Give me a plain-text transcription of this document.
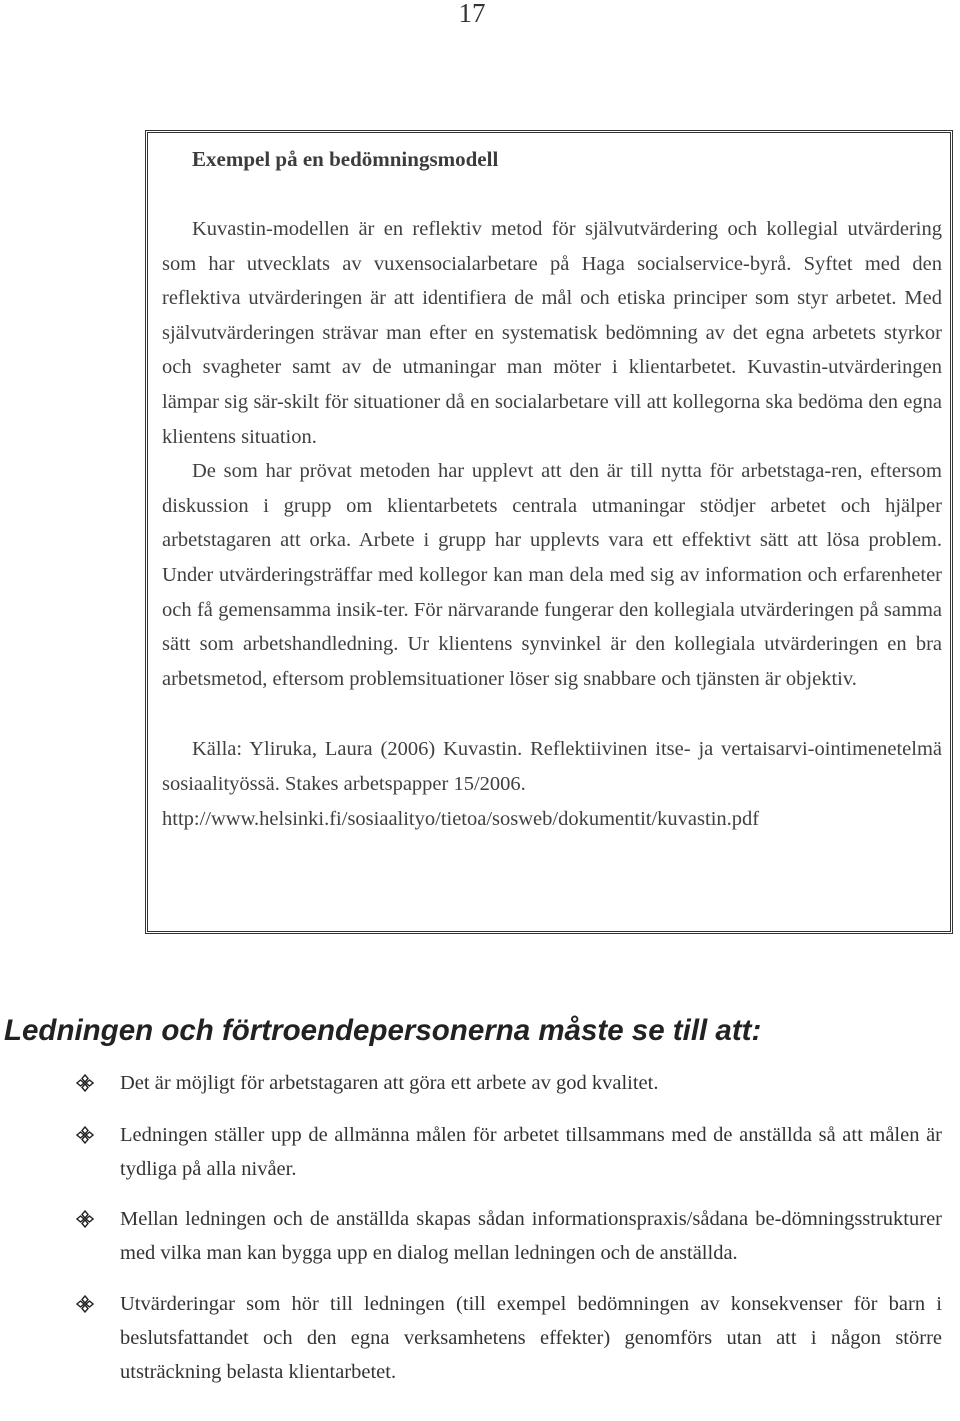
17
Exempel på en bedömningsmodell

Kuvastin-modellen är en reflektiv metod för självutvärdering och kollegial utvärdering som har utvecklats av vuxensocialarbetare på Haga socialservice-byrå. Syftet med den reflektiva utvärderingen är att identifiera de mål och etiska principer som styr arbetet. Med självutvärderingen strävar man efter en systematisk bedömning av det egna arbetets styrkor och svagheter samt av de utmaningar man möter i klientarbetet. Kuvastin-utvärderingen lämpar sig sär-skilt för situationer då en socialarbetare vill att kollegorna ska bedöma den egna klientens situation.

De som har prövat metoden har upplevt att den är till nytta för arbetstaga-ren, eftersom diskussion i grupp om klientarbetets centrala utmaningar stödjer arbetet och hjälper arbetstagaren att orka. Arbete i grupp har upplevts vara ett effektivt sätt att lösa problem. Under utvärderingsträffar med kollegor kan man dela med sig av information och erfarenheter och få gemensamma insik-ter. För närvarande fungerar den kollegiala utvärderingen på samma sätt som arbetshandledning. Ur klientens synvinkel är den kollegiala utvärderingen en bra arbetsmetod, eftersom problemsituationer löser sig snabbare och tjänsten är objektiv.

Källa: Yliruka, Laura (2006) Kuvastin. Reflektiivinen itse- ja vertaisarvi-ointimenetelmä sosiaalityössä. Stakes arbetspapper 15/2006.
http://www.helsinki.fi/sosiaalityo/tietoa/sosweb/dokumentit/kuvastin.pdf

Ledningen och förtroendepersonerna måste se till att:
Det är möjligt för arbetstagaren att göra ett arbete av god kvalitet.
Ledningen ställer upp de allmänna målen för arbetet tillsammans med de anställda så att målen är tydliga på alla nivåer.
Mellan ledningen och de anställda skapas sådan informationspraxis/sådana be-dömningsstrukturer med vilka man kan bygga upp en dialog mellan ledningen och de anställda.
Utvärderingar som hör till ledningen (till exempel bedömningen av konsekvenser för barn i beslutsfattandet och den egna verksamhetens effekter) genomförs utan att i någon större utsträckning belasta klientarbetet.
